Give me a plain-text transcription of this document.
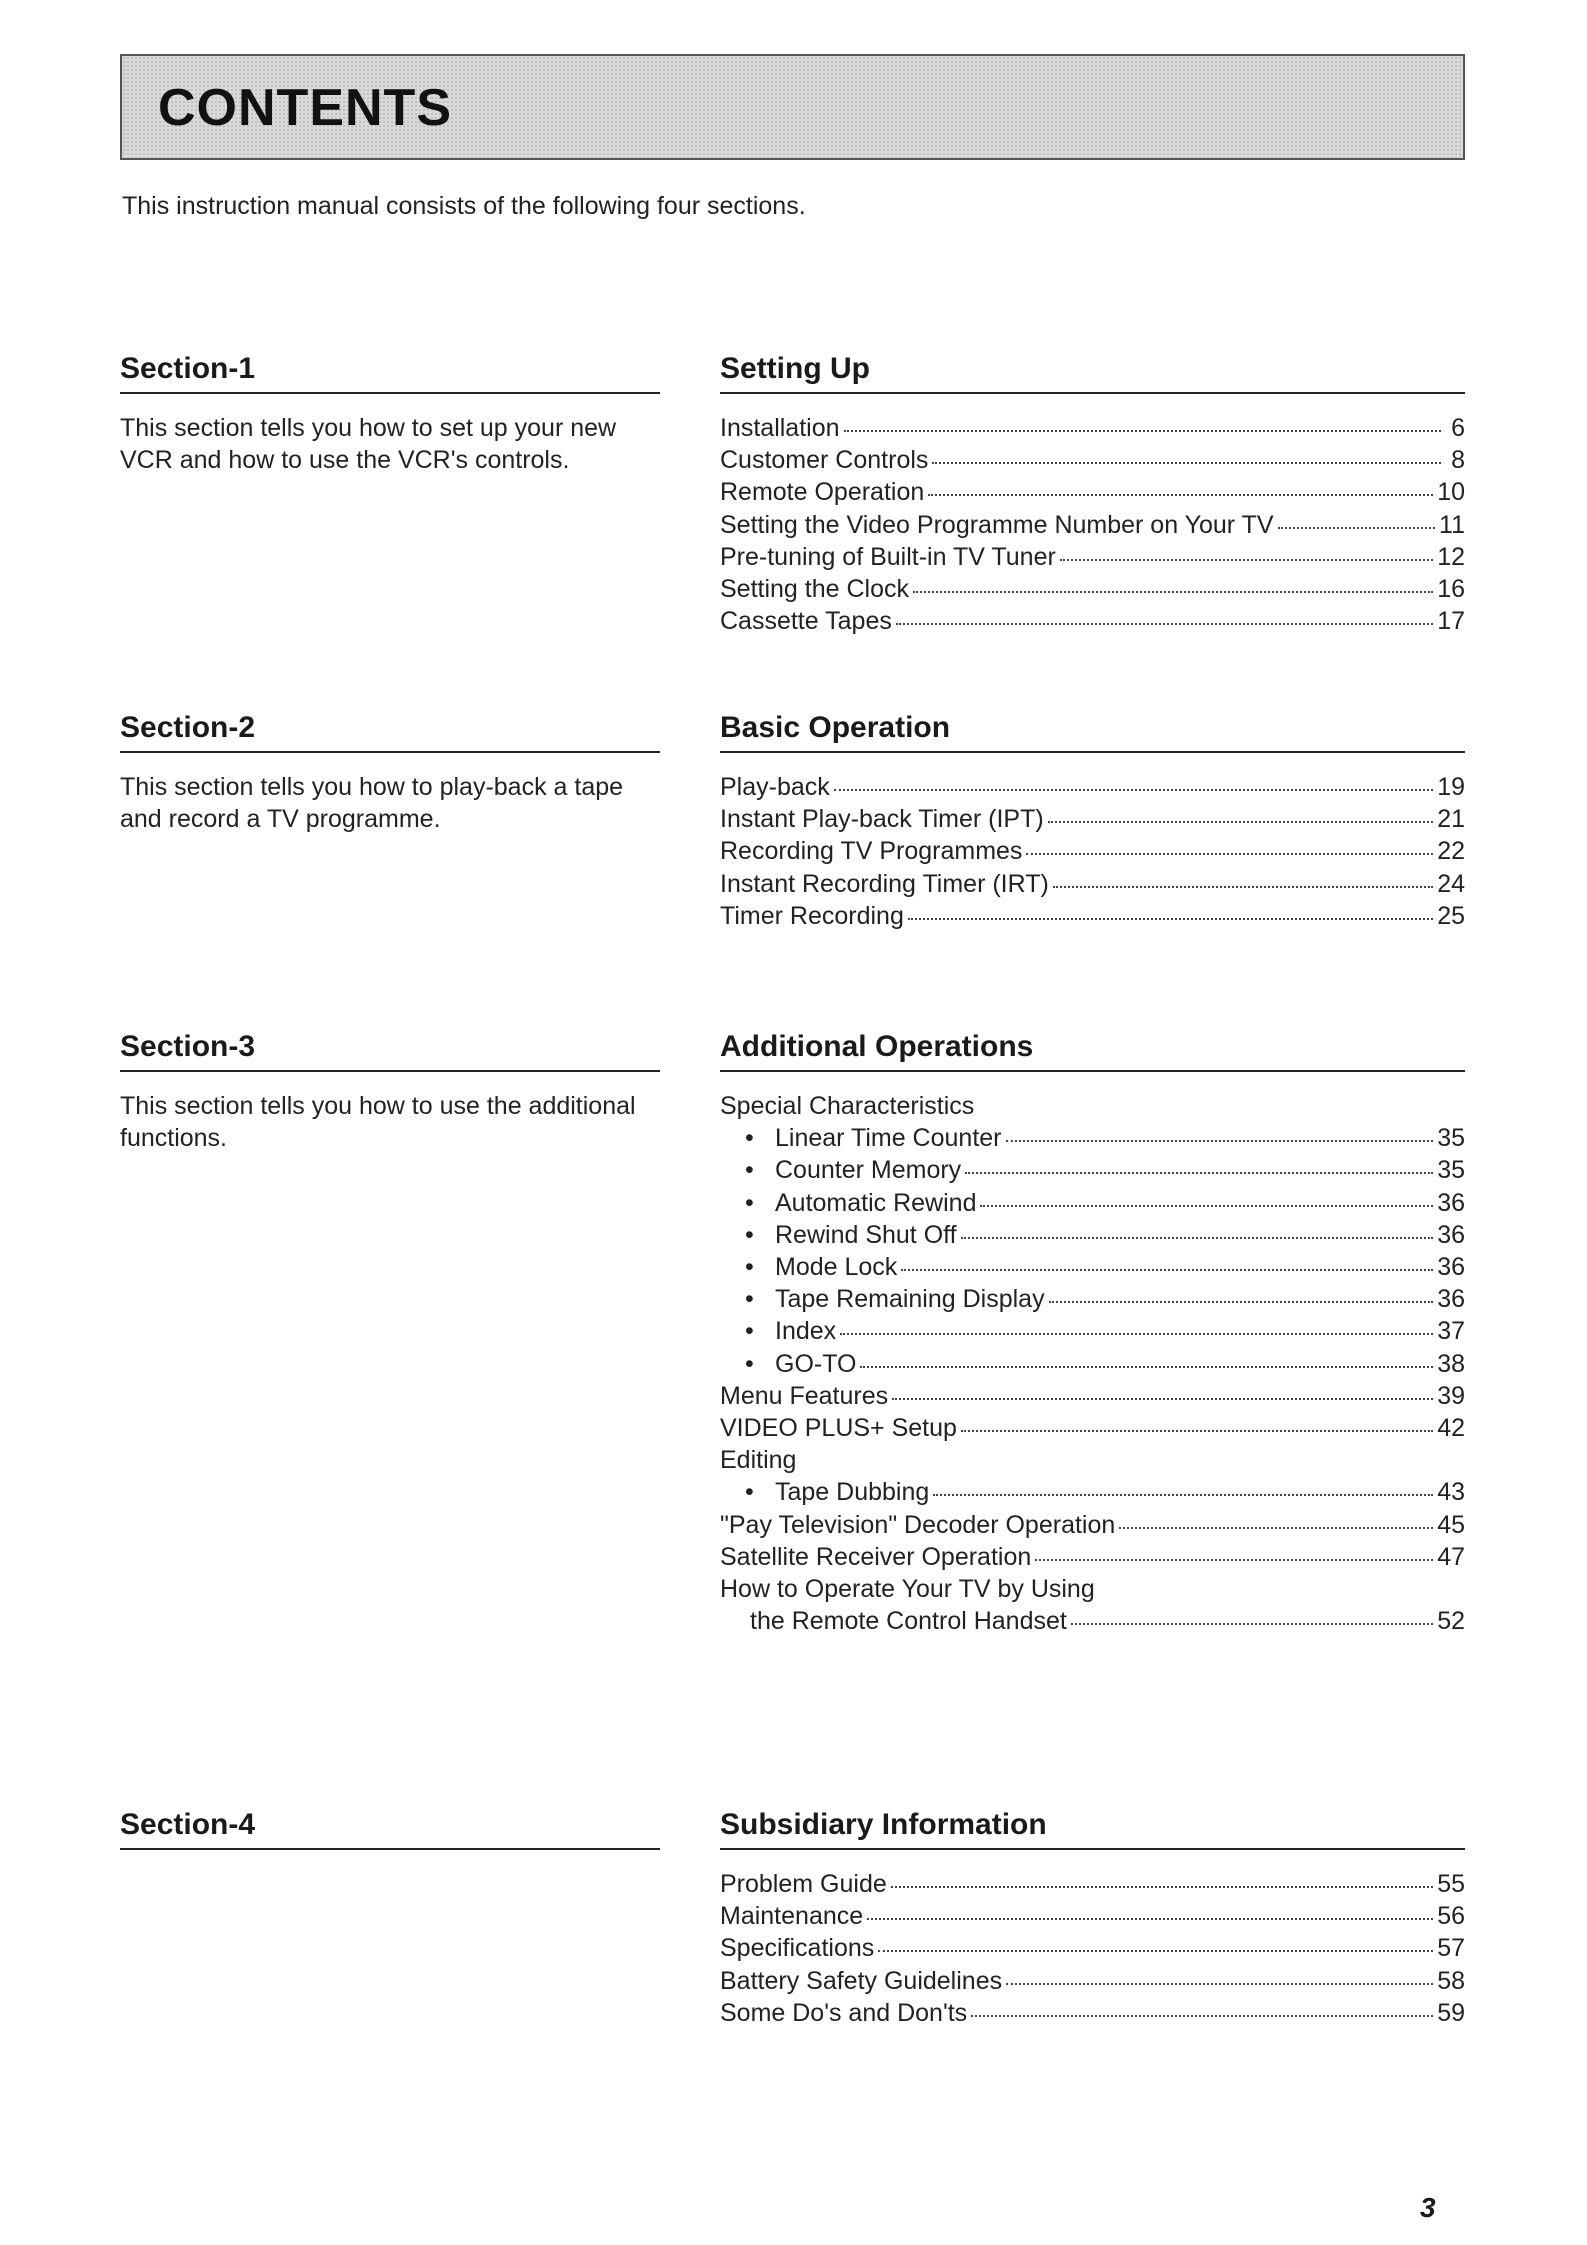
CONTENTS
This instruction manual consists of the following four sections.
Section-1	Setting Up
This section tells you how to set up your new VCR and how to use the VCR's controls.
Installation	6
Customer Controls	8
Remote Operation	10
Setting the Video Programme Number on Your TV	11
Pre-tuning of Built-in TV Tuner	12
Setting the Clock	16
Cassette Tapes	17
Section-2	Basic Operation
This section tells you how to play-back a tape and record a TV programme.
Play-back	19
Instant Play-back Timer (IPT)	21
Recording TV Programmes	22
Instant Recording Timer (IRT)	24
Timer Recording	25
Section-3	Additional Operations
This section tells you how to use the additional functions.
Special Characteristics
• Linear Time Counter	35
• Counter Memory	35
• Automatic Rewind	36
• Rewind Shut Off	36
• Mode Lock	36
• Tape Remaining Display	36
• Index	37
• GO-TO	38
Menu Features	39
VIDEO PLUS+ Setup	42
Editing
• Tape Dubbing	43
"Pay Television" Decoder Operation	45
Satellite Receiver Operation	47
How to Operate Your TV by Using
the Remote Control Handset	52
Section-4	Subsidiary Information
Problem Guide	55
Maintenance	56
Specifications	57
Battery Safety Guidelines	58
Some Do's and Don'ts	59
3
